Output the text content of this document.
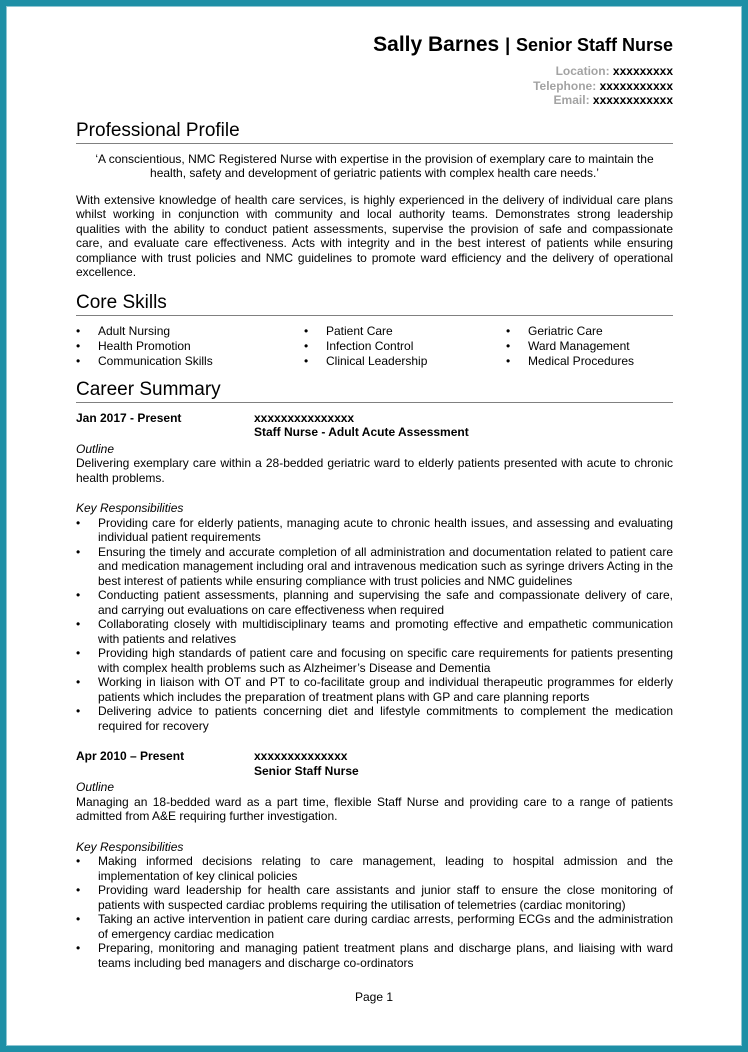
Sally Barnes | Senior Staff Nurse

Location: xxxxxxxxx
Telephone: xxxxxxxxxxx
Email: xxxxxxxxxxxx
Professional Profile

‘A conscientious, NMC Registered Nurse with expertise in the provision of exemplary care to maintain the health, safety and development of geriatric patients with complex health care needs.’

With extensive knowledge of health care services, is highly experienced in the delivery of individual care plans whilst working in conjunction with community and local authority teams. Demonstrates strong leadership qualities with the ability to conduct patient assessments, supervise the provision of safe and compassionate care, and evaluate care effectiveness. Acts with integrity and in the best interest of patients while ensuring compliance with trust policies and NMC guidelines to promote ward efficiency and the delivery of operational excellence.

Core Skills
• Adult Nursing
• Health Promotion
• Communication Skills
• Patient Care
• Infection Control
• Clinical Leadership
• Geriatric Care
• Ward Management
• Medical Procedures
Career Summary
Jan 2017 - Present	xxxxxxxxxxxxxxx
Staff Nurse - Adult Acute Assessment
Outline

Delivering exemplary care within a 28-bedded geriatric ward to elderly patients presented with acute to chronic health problems.

Key Responsibilities
• Providing care for elderly patients, managing acute to chronic health issues, and assessing and evaluating individual patient requirements
• Ensuring the timely and accurate completion of all administration and documentation related to patient care and medication management including oral and intravenous medication such as syringe drivers Acting in the best interest of patients while ensuring compliance with trust policies and NMC guidelines
• Conducting patient assessments, planning and supervising the safe and compassionate delivery of care, and carrying out evaluations on care effectiveness when required
• Collaborating closely with multidisciplinary teams and promoting effective and empathetic communication with patients and relatives
• Providing high standards of patient care and focusing on specific care requirements for patients presenting with complex health problems such as Alzheimer’s Disease and Dementia
• Working in liaison with OT and PT to co-facilitate group and individual therapeutic programmes for elderly patients which includes the preparation of treatment plans with GP and care planning reports
• Delivering advice to patients concerning diet and lifestyle commitments to complement the medication required for recovery
Apr 2010 – Present	xxxxxxxxxxxxxx
Senior Staff Nurse
Outline

Managing an 18-bedded ward as a part time, flexible Staff Nurse and providing care to a range of patients admitted from A&E requiring further investigation.

Key Responsibilities
• Making informed decisions relating to care management, leading to hospital admission and the implementation of key clinical policies
• Providing ward leadership for health care assistants and junior staff to ensure the close monitoring of patients with suspected cardiac problems requiring the utilisation of telemetries (cardiac monitoring)
• Taking an active intervention in patient care during cardiac arrests, performing ECGs and the administration of emergency cardiac medication
• Preparing, monitoring and managing patient treatment plans and discharge plans, and liaising with ward teams including bed managers and discharge co-ordinators
Page 1
